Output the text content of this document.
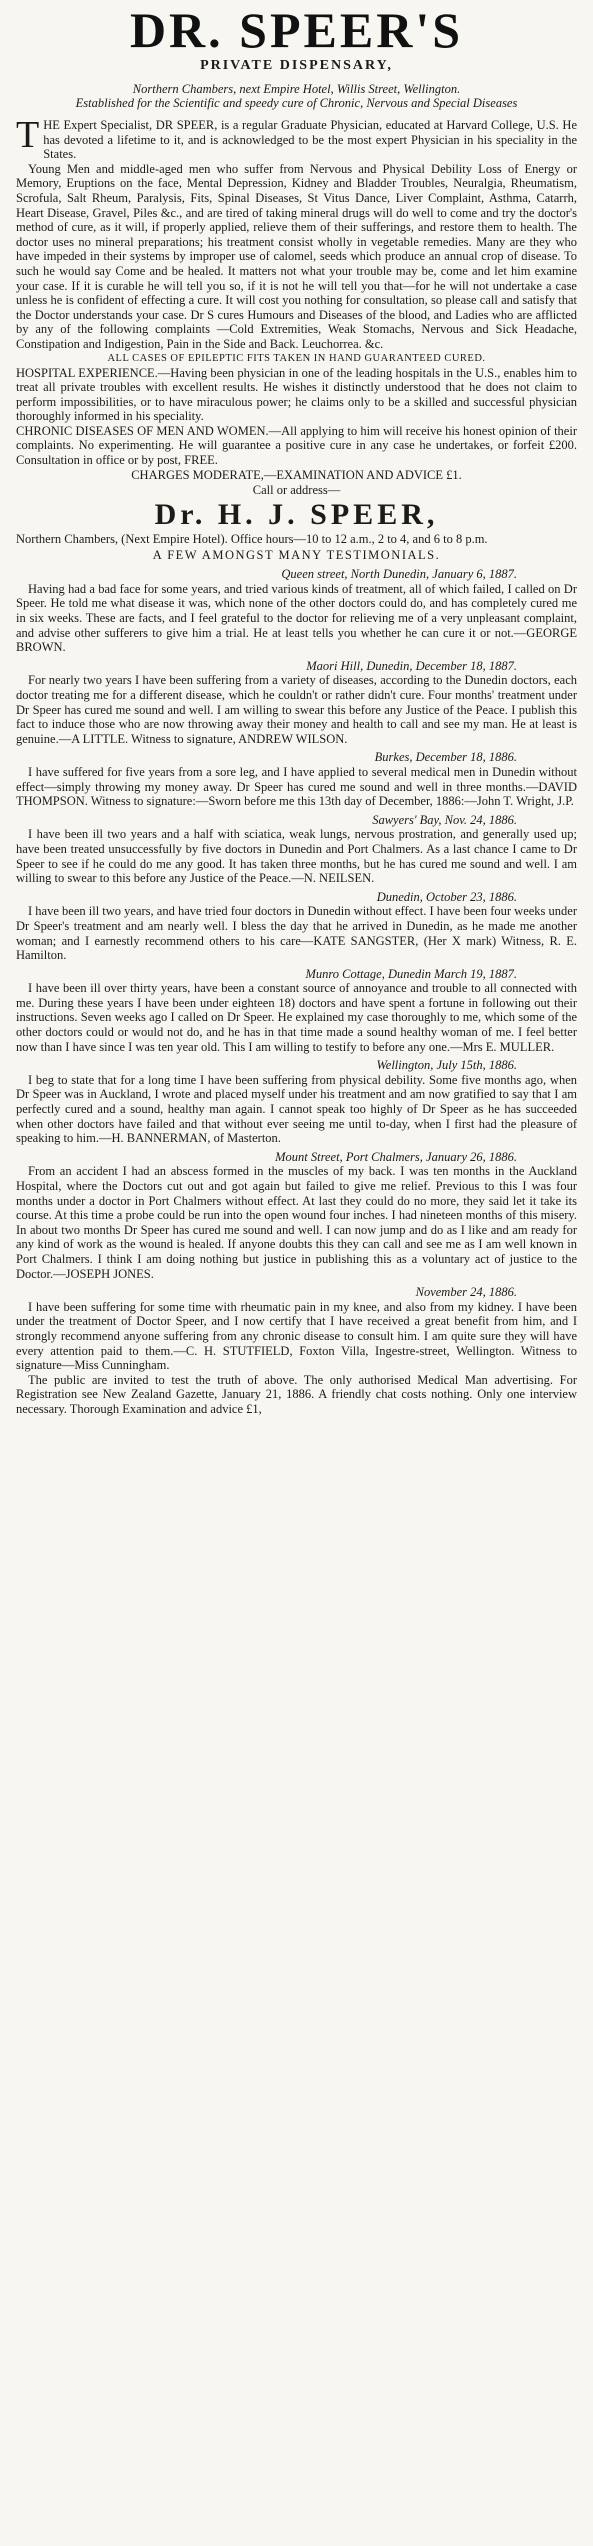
DR. SPEER'S
PRIVATE DISPENSARY,
Northern Chambers, next Empire Hotel, Willis Street, Wellington.
Established for the Scientific and speedy cure of Chronic, Nervous and Special Diseases
THE Expert Specialist, DR SPEER, is a regular Graduate Physician, educated at Harvard College, U.S. He has devoted a lifetime to it, and is acknowledged to be the most expert Physician in his speciality in the States.

Young Men and middle-aged men who suffer from Nervous and Physical Debility Loss of Energy or Memory, Eruptions on the face, Mental Depression, Kidney and Bladder Troubles, Neuralgia, Rheumatism, Scrofula, Salt Rheum, Paralysis, Fits, Spinal Diseases, St Vitus Dance, Liver Complaint, Asthma, Catarrh, Heart Disease, Gravel, Piles &c., and are tired of taking mineral drugs will do well to come and try the doctor's method of cure, as it will, if properly applied, relieve them of their sufferings, and restore them to health. The doctor uses no mineral preparations; his treatment consist wholly in vegetable remedies. Many are they who have impeded in their systems by improper use of calomel, seeds which produce an annual crop of disease. To such he would say Come and be healed. It matters not what your trouble may be, come and let him examine your case. If it is curable he will tell you so, if it is not he will tell you that—for he will not undertake a case unless he is confident of effecting a cure. It will cost you nothing for consultation, so please call and satisfy that the Doctor understands your case. Dr S cures Humours and Diseases of the blood, and Ladies who are afflicted by any of the following complaints —Cold Extremities, Weak Stomachs, Nervous and Sick Headache, Constipation and Indigestion, Pain in the Side and Back. Leuchorrea. &c.

ALL CASES OF EPILEPTIC FITS TAKEN IN HAND GUARANTEED CURED.

HOSPITAL EXPERIENCE.—Having been physician in one of the leading hospitals in the U.S., enables him to treat all private troubles with excellent results. He wishes it distinctly understood that he does not claim to perform impossibilities, or to have miraculous power; he claims only to be a skilled and successful physician thoroughly informed in his speciality.

CHRONIC DISEASES OF MEN AND WOMEN.—All applying to him will receive his honest opinion of their complaints. No experimenting. He will guarantee a positive cure in any case he undertakes, or forfeit £200. Consultation in office or by post, FREE.

CHARGES MODERATE,—EXAMINATION AND ADVICE £1.
Call or address—
Dr. H. J. SPEER,

Northern Chambers, (Next Empire Hotel). Office hours—10 to 12 a.m., 2 to 4, and 6 to 8 p.m.

A FEW AMONGST MANY TESTIMONIALS.
Queen street, North Dunedin, January 6, 1887.

Having had a bad face for some years, and tried various kinds of treatment, all of which failed, I called on Dr Speer. He told me what disease it was, which none of the other doctors could do, and has completely cured me in six weeks. These are facts, and I feel grateful to the doctor for relieving me of a very unpleasant complaint, and advise other sufferers to give him a trial. He at least tells you whether he can cure it or not.—GEORGE BROWN.

Maori Hill, Dunedin, December 18, 1887.

For nearly two years I have been suffering from a variety of diseases, according to the Dunedin doctors, each doctor treating me for a different disease, which he couldn't or rather didn't cure. Four months' treatment under Dr Speer has cured me sound and well. I am willing to swear this before any Justice of the Peace. I publish this fact to induce those who are now throwing away their money and health to call and see my man. He at least is genuine.—A LITTLE. Witness to signature, ANDREW WILSON.

Burkes, December 18, 1886.

I have suffered for five years from a sore leg, and I have applied to several medical men in Dunedin without effect—simply throwing my money away. Dr Speer has cured me sound and well in three months.—DAVID THOMPSON. Witness to signature:—Sworn before me this 13th day of December, 1886:—John T. Wright, J.P.

Sawyers' Bay, Nov. 24, 1886.

I have been ill two years and a half with sciatica, weak lungs, nervous prostration, and generally used up; have been treated unsuccessfully by five doctors in Dunedin and Port Chalmers. As a last chance I came to Dr Speer to see if he could do me any good. It has taken three months, but he has cured me sound and well. I am willing to swear to this before any Justice of the Peace.—N. NEILSEN.

Dunedin, October 23, 1886.

I have been ill two years, and have tried four doctors in Dunedin without effect. I have been four weeks under Dr Speer's treatment and am nearly well. I bless the day that he arrived in Dunedin, as he made me another woman; and I earnestly recommend others to his care—KATE SANGSTER, (Her X mark) Witness, R. E. Hamilton.

Munro Cottage, Dunedin March 19, 1887.

I have been ill over thirty years, have been a constant source of annoyance and trouble to all connected with me. During these years I have been under eighteen 18) doctors and have spent a fortune in following out their instructions. Seven weeks ago I called on Dr Speer. He explained my case thoroughly to me, which some of the other doctors could or would not do, and he has in that time made a sound healthy woman of me. I feel better now than I have since I was ten year old. This I am willing to testify to before any one.—Mrs E. MULLER.

Wellington, July 15th, 1886.

I beg to state that for a long time I have been suffering from physical debility. Some five months ago, when Dr Speer was in Auckland, I wrote and placed myself under his treatment and am now gratified to say that I am perfectly cured and a sound, healthy man again. I cannot speak too highly of Dr Speer as he has succeeded when other doctors have failed and that without ever seeing me until to-day, when I first had the pleasure of speaking to him.—H. BANNERMAN, of Masterton.

Mount Street, Port Chalmers, January 26, 1886.

From an accident I had an abscess formed in the muscles of my back. I was ten months in the Auckland Hospital, where the Doctors cut out and got again but failed to give me relief. Previous to this I was four months under a doctor in Port Chalmers without effect. At last they could do no more, they said let it take its course. At this time a probe could be run into the open wound four inches. I had nineteen months of this misery. In about two months Dr Speer has cured me sound and well. I can now jump and do as I like and am ready for any kind of work as the wound is healed. If anyone doubts this they can call and see me as I am well known in Port Chalmers. I think I am doing nothing but justice in publishing this as a voluntary act of justice to the Doctor.—JOSEPH JONES.

November 24, 1886.

I have been suffering for some time with rheumatic pain in my knee, and also from my kidney. I have been under the treatment of Doctor Speer, and I now certify that I have received a great benefit from him, and I strongly recommend anyone suffering from any chronic disease to consult him. I am quite sure they will have every attention paid to them.—C. H. STUTFIELD, Foxton Villa, Ingestre-street, Wellington. Witness to signature—Miss Cunningham.

The public are invited to test the truth of above. The only authorised Medical Man advertising. For Registration see New Zealand Gazette, January 21, 1886. A friendly chat costs nothing. Only one interview necessary. Thorough Examination and advice £1,
